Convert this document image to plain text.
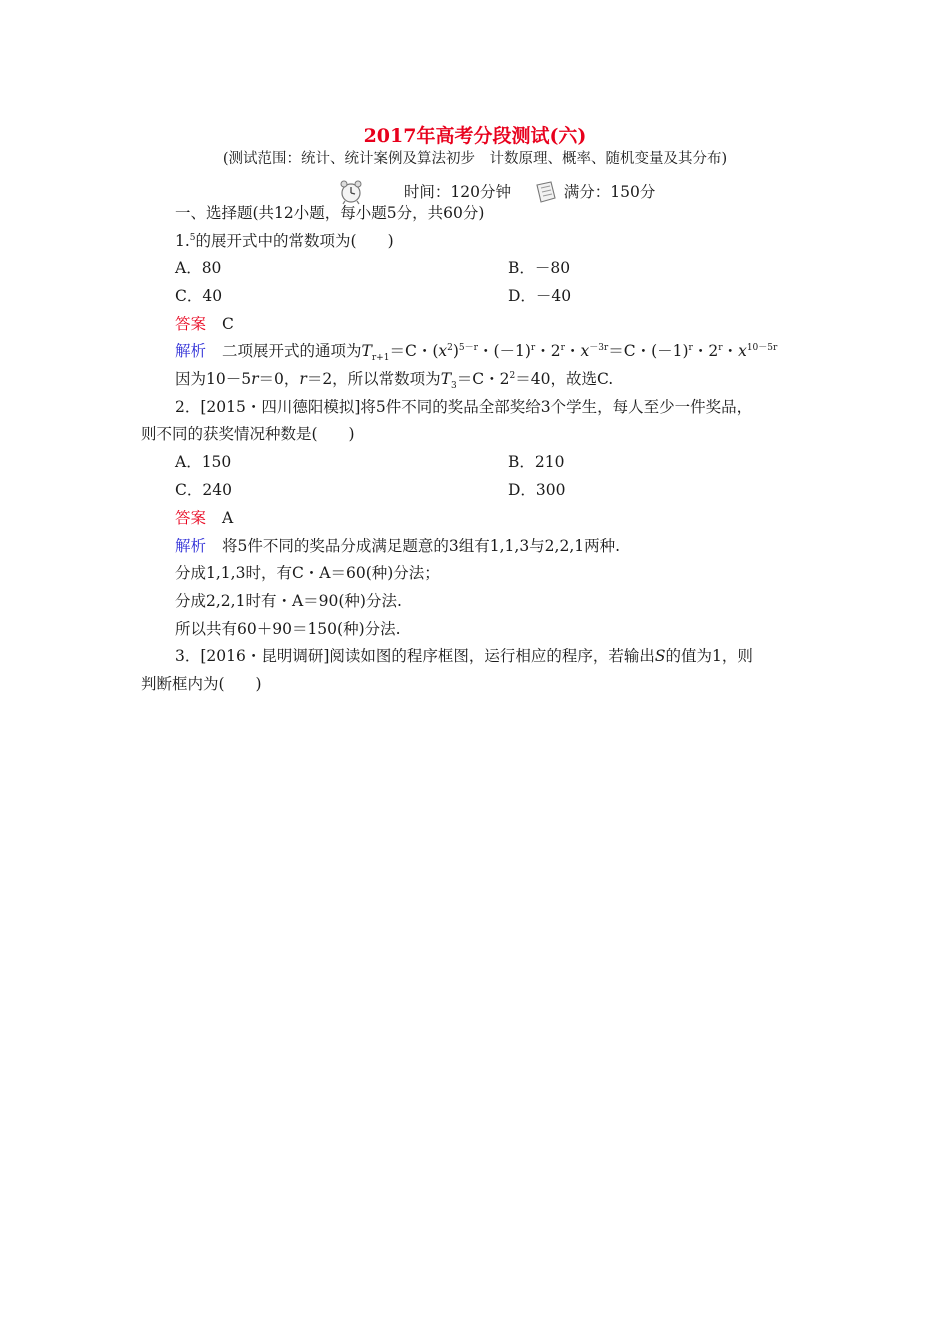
2017年高考分段测试(六)
(测试范围：统计、统计案例及算法初步　计数原理、概率、随机变量及其分布)
时间：120分钟	满分：150分
一、选择题(共12小题，每小题5分，共60分)
1.$^5$的展开式中的常数项为(　　)
A．80	B．－80
C．40	D．－40
答案 C
解析 二项展开式的通项为$T_{r+1}=C$・$(x^2)^{5-r}$・$(-1)^r$・2$^r$・$x^{-3r}=C$・$(-1)^r$・2$^r$・$x^{10-5r}$
因为10－5r＝0，r＝2，所以常数项为$T_3=C$・$2^2=40$，故选C.
2．[2015・四川德阳模拟]将5件不同的奖品全部奖给3个学生，每人至少一件奖品，
则不同的获奖情况种数是(　　)
A．150	B．210
C．240	D．300
答案 A
解析 将5件不同的奖品分成满足题意的3组有1,1,3与2,2,1两种.
分成1,1,3时，有C・A＝60(种)分法；
分成2,2,1时有・A＝90(种)分法.
所以共有60＋90＝150(种)分法.
3．[2016・昆明调研]阅读如图的程序框图，运行相应的程序，若输出S的值为1，则
判断框内为(　　)
